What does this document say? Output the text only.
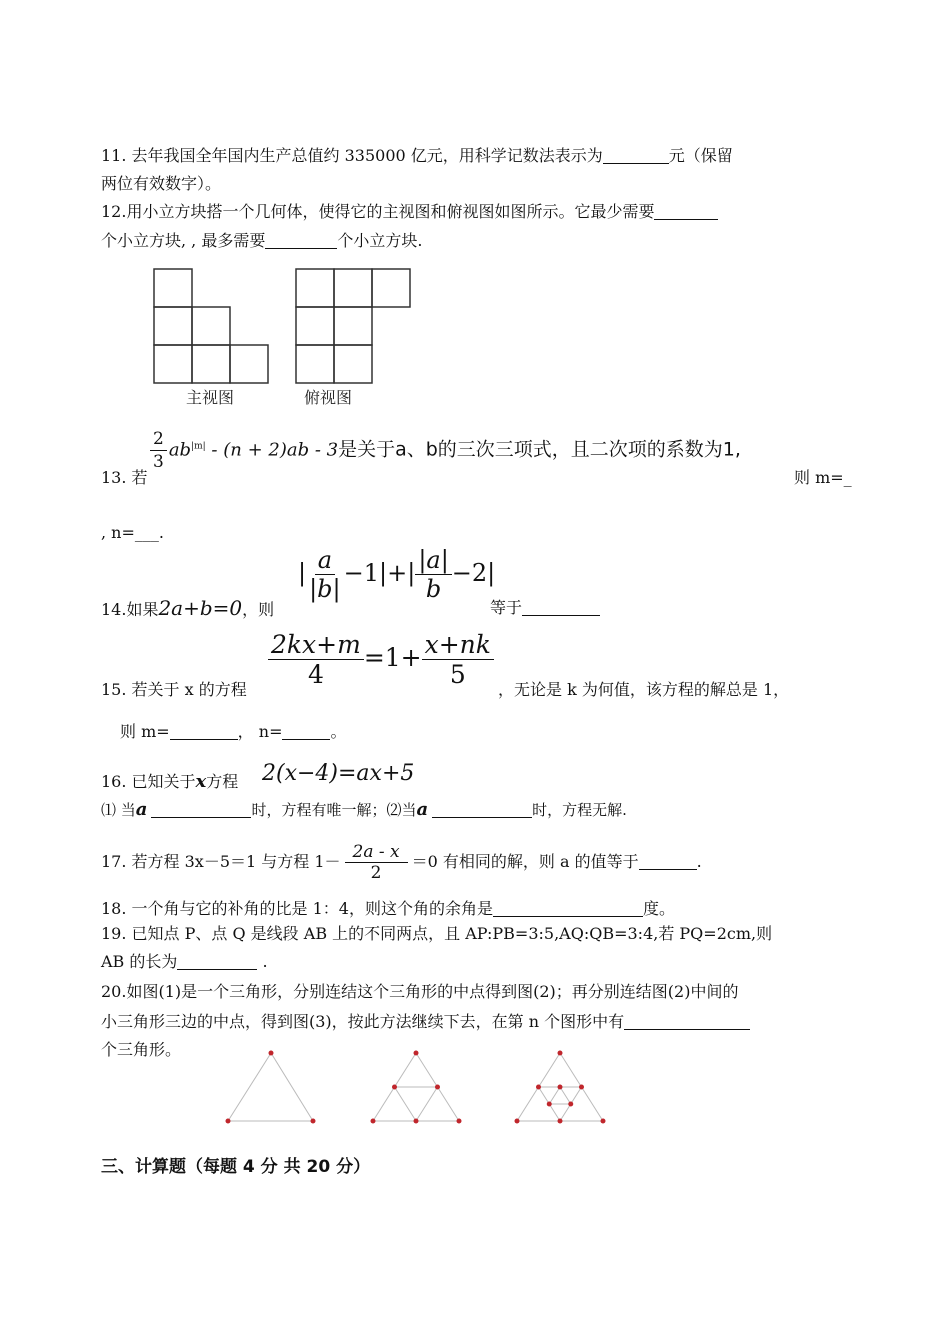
11. 去年我国全年国内生产总值约 335000 亿元，用科学记数法表示为	元（保留
两位有效数字）。
12.用小立方块搭一个几何体，使得它的主视图和俯视图如图所示。它最少需要
个小立方块, , 最多需要	个小立方块.
主视图	俯视图
$\frac{2}{3} ab^{|m|} - (n + 2)ab - 3$是关于a、b的三次三项式，且二次项的系数为1,
13. 若	则 m=_
, n=___.
14.如果2a+b=0，则
| $\frac{a}{|b|} -1|+| \frac{|a|}{b} -2|$
等于
$\frac{2kx+m}{4} =1+ \frac{x+nk}{5}$
15. 若关于 x 的方程	，无论是 k 为何值，该方程的解总是 1，
则 m=	， n=	。
16. 已知关于x方程 2(x−4)=ax+5
⑴ 当a	时，方程有唯一解；⑵当a	时，方程无解.
17. 若方程 3x－5＝1 与方程 $1- \frac{2a - x}{2} =0$ 有相同的解，则 a 的值等于	.
18. 一个角与它的补角的比是 1：4，则这个角的余角是	度。
19. 已知点 P、点 Q 是线段 AB 上的不同两点，且 AP:PB=3:5,AQ:QB=3:4,若 PQ=2cm,则
AB 的长为	.
20.如图(1)是一个三角形，分别连结这个三角形的中点得到图(2)；再分别连结图(2)中间的
小三角形三边的中点，得到图(3)，按此方法继续下去，在第 n 个图形中有
个三角形。
三、计算题（每题 4 分 共 20 分）
